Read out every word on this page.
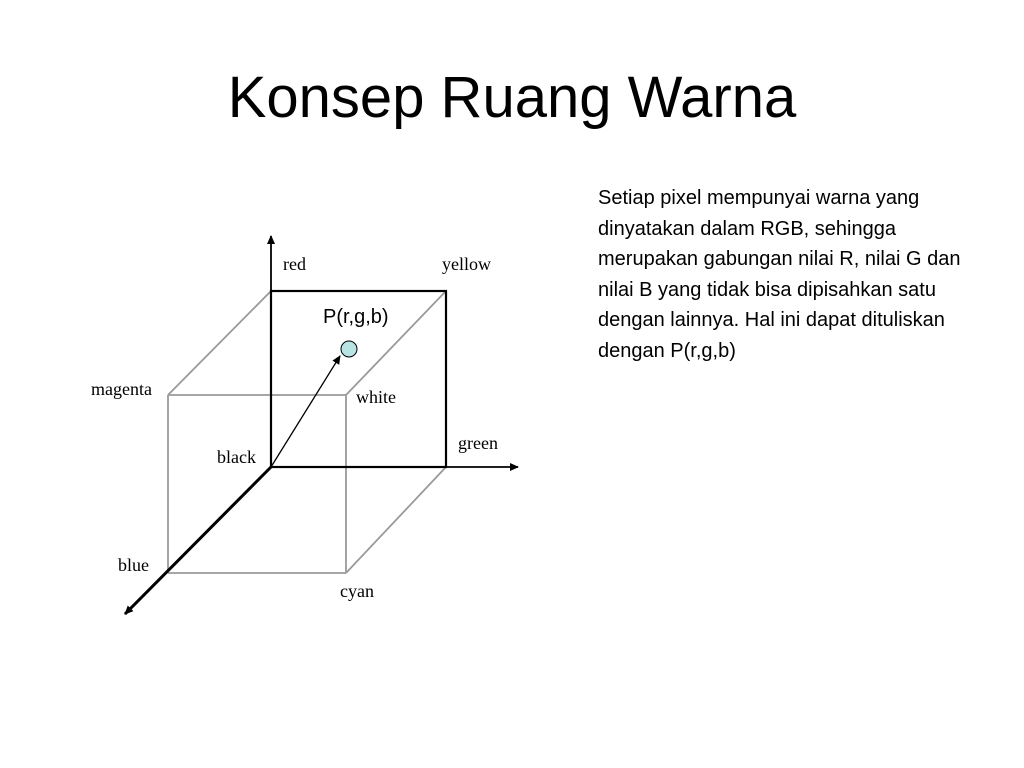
Konsep Ruang Warna
red	yellow
magenta	white
black
green
blue
cyan
P(r,g,b)

Setiap pixel mempunyai warna yang dinyatakan dalam RGB, sehingga merupakan gabungan nilai R, nilai G dan nilai B yang tidak bisa dipisahkan satu dengan lainnya. Hal ini dapat dituliskan dengan P(r,g,b)
